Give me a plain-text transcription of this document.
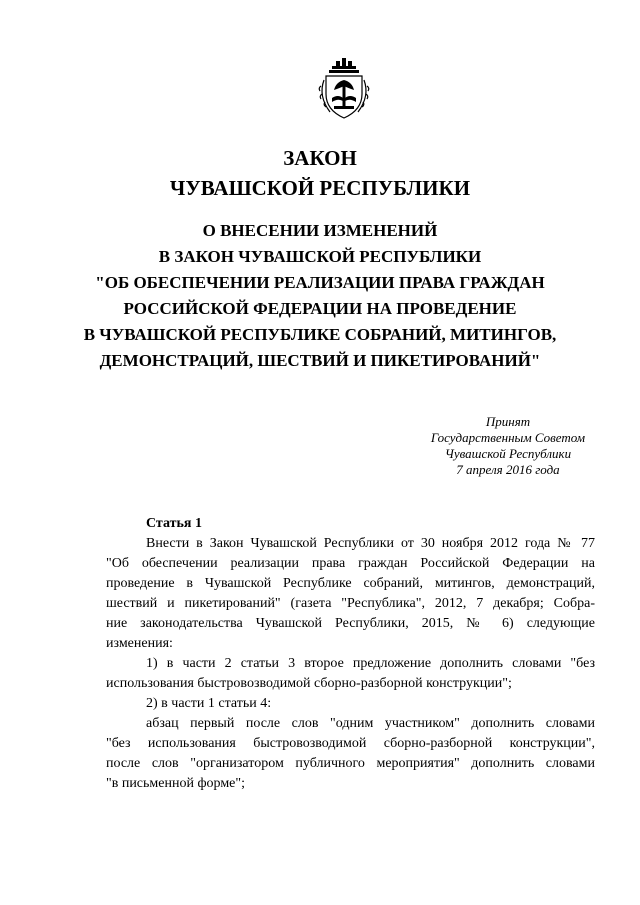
ЗАКОН
ЧУВАШСКОЙ РЕСПУБЛИКИ
О ВНЕСЕНИИ ИЗМЕНЕНИЙ
В ЗАКОН ЧУВАШСКОЙ РЕСПУБЛИКИ
"ОБ ОБЕСПЕЧЕНИИ РЕАЛИЗАЦИИ ПРАВА ГРАЖДАН
РОССИЙСКОЙ ФЕДЕРАЦИИ НА ПРОВЕДЕНИЕ
В ЧУВАШСКОЙ РЕСПУБЛИКЕ СОБРАНИЙ, МИТИНГОВ,
ДЕМОНСТРАЦИЙ, ШЕСТВИЙ И ПИКЕТИРОВАНИЙ"
Принят
Государственным Советом
Чувашской Республики
7 апреля 2016 года
Статья 1
Внести в Закон Чувашской Республики от 30 ноября 2012 года № 77
"Об обеспечении реализации права граждан Российской Федерации на
проведение в Чувашской Республике собраний, митингов, демонстраций,
шествий и пикетирований" (газета "Республика", 2012, 7 декабря; Собра-
ние законодательства Чувашской Республики, 2015, № 6) следующие
изменения:
1) в части 2 статьи 3 второе предложение дополнить словами "без
использования быстровозводимой сборно-разборной конструкции";
2) в части 1 статьи 4:
абзац первый после слов "одним участником" дополнить словами
"без использования быстровозводимой сборно-разборной конструкции",
после слов "организатором публичного мероприятия" дополнить словами
"в письменной форме";
